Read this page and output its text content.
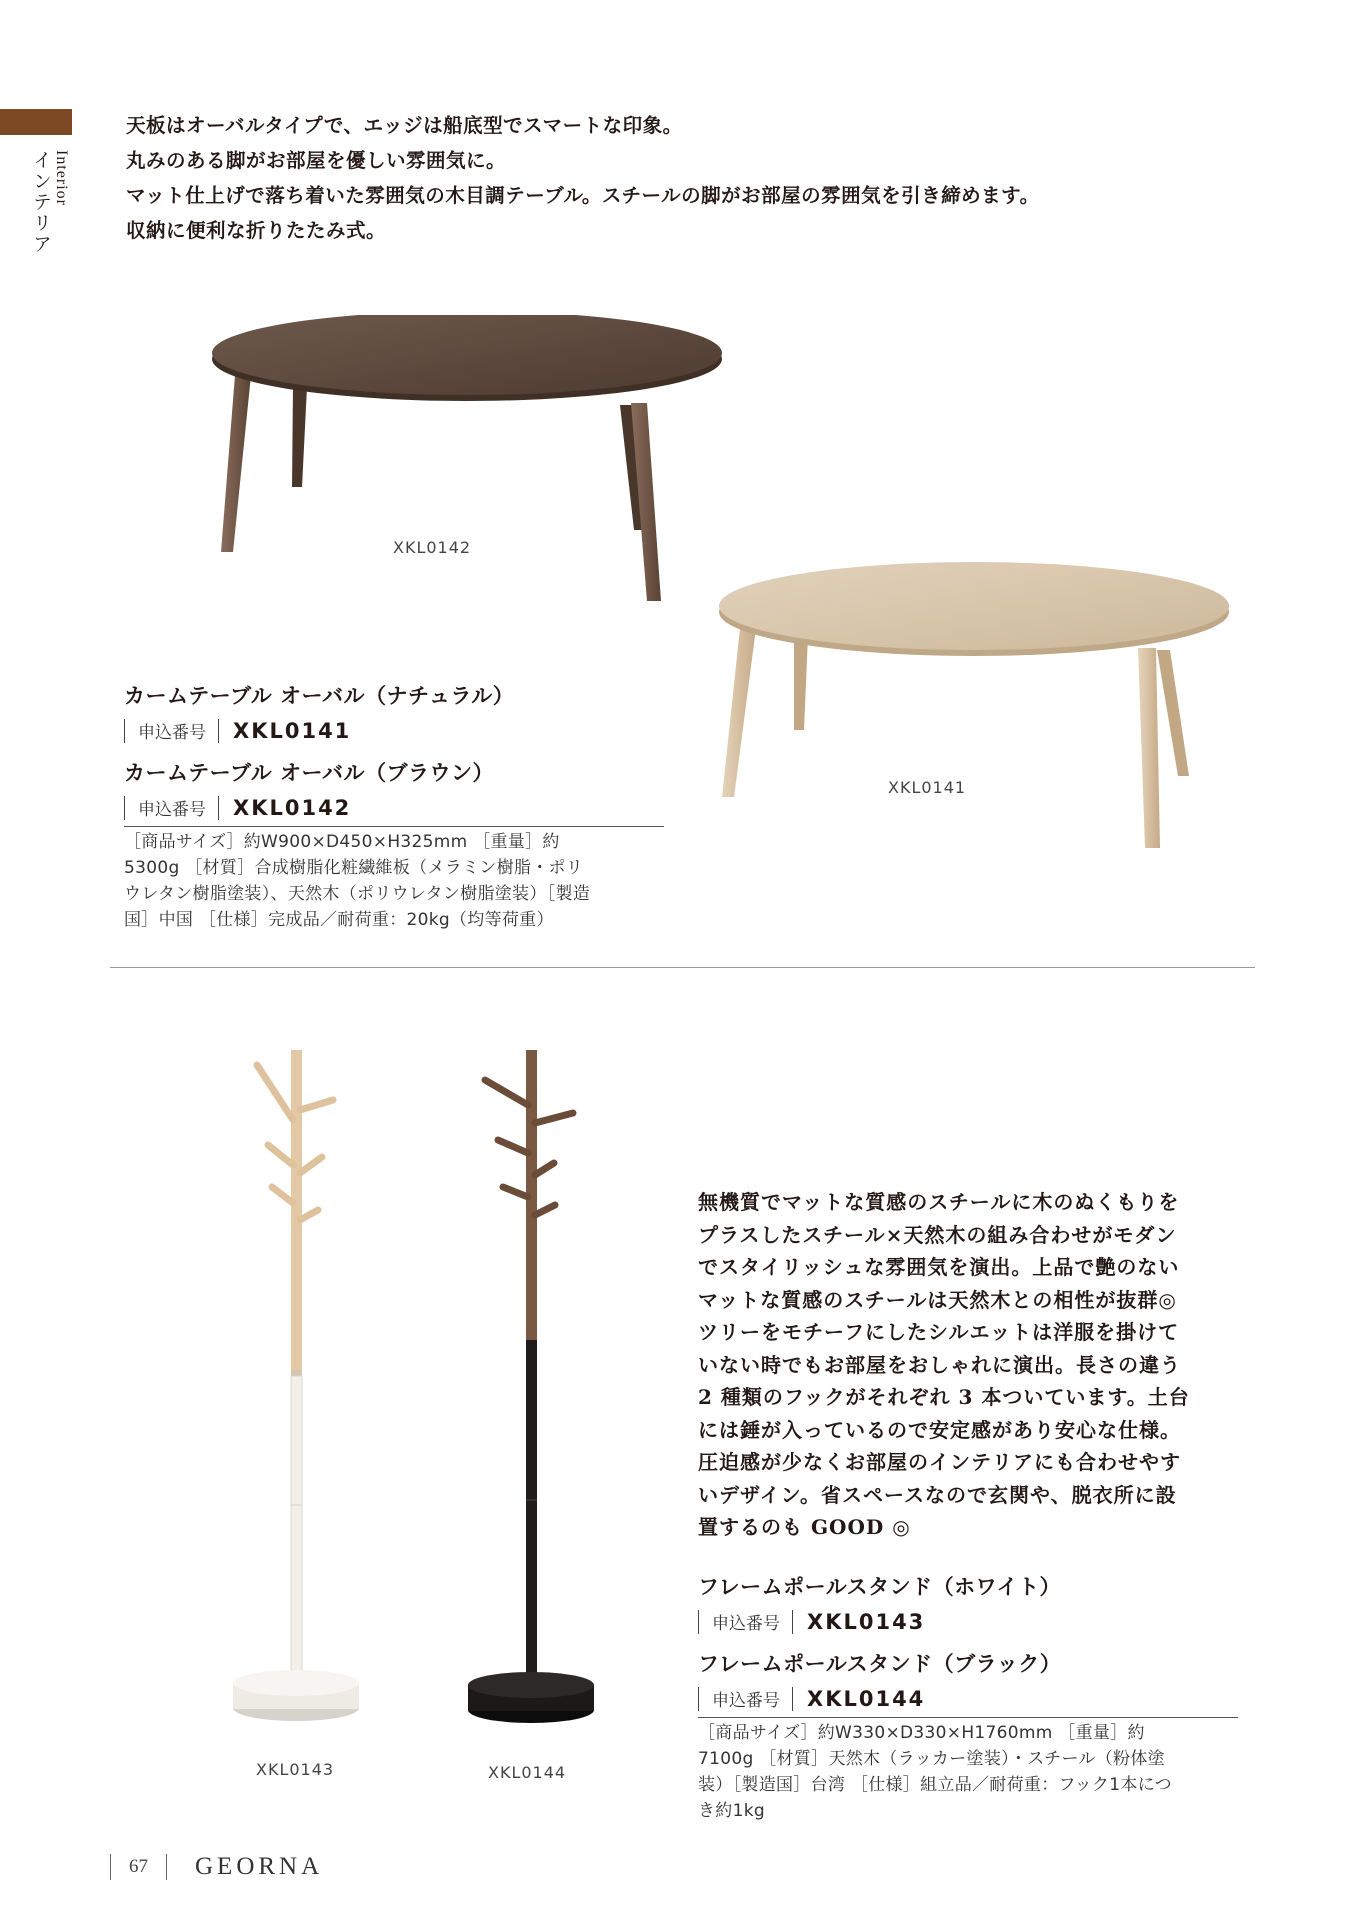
Interior
インテリア
天板はオーバルタイプで、エッジは船底型でスマートな印象。
丸みのある脚がお部屋を優しい雰囲気に。
マット仕上げで落ち着いた雰囲気の木目調テーブル。スチールの脚がお部屋の雰囲気を引き締めます。
収納に便利な折りたたみ式。
XKL0142
XKL0141
カームテーブル オーバル（ナチュラル）
申込番号 XKL0141
カームテーブル オーバル（ブラウン）
申込番号 XKL0142
［商品サイズ］約W900×D450×H325mm ［重量］約
5300g ［材質］合成樹脂化粧繊維板（メラミン樹脂・ポリ
ウレタン樹脂塗装）、天然木（ポリウレタン樹脂塗装）［製造
国］中国 ［仕様］完成品／耐荷重：20kg（均等荷重）
XKL0143	XKL0144
無機質でマットな質感のスチールに木のぬくもりを
プラスしたスチール×天然木の組み合わせがモダン
でスタイリッシュな雰囲気を演出。上品で艶のない
マットな質感のスチールは天然木との相性が抜群◎
ツリーをモチーフにしたシルエットは洋服を掛けて
いない時でもお部屋をおしゃれに演出。長さの違う
2 種類のフックがそれぞれ 3 本ついています。土台
には錘が入っているので安定感があり安心な仕様。
圧迫感が少なくお部屋のインテリアにも合わせやす
いデザイン。省スペースなので玄関や、脱衣所に設
置するのも GOOD ◎
フレームポールスタンド（ホワイト）
申込番号 XKL0143
フレームポールスタンド（ブラック）
申込番号 XKL0144
［商品サイズ］約W330×D330×H1760mm ［重量］約
7100g ［材質］天然木（ラッカー塗装）・スチール（粉体塗
装）［製造国］台湾 ［仕様］組立品／耐荷重：フック1本につ
き約1kg
67 GEORNA
